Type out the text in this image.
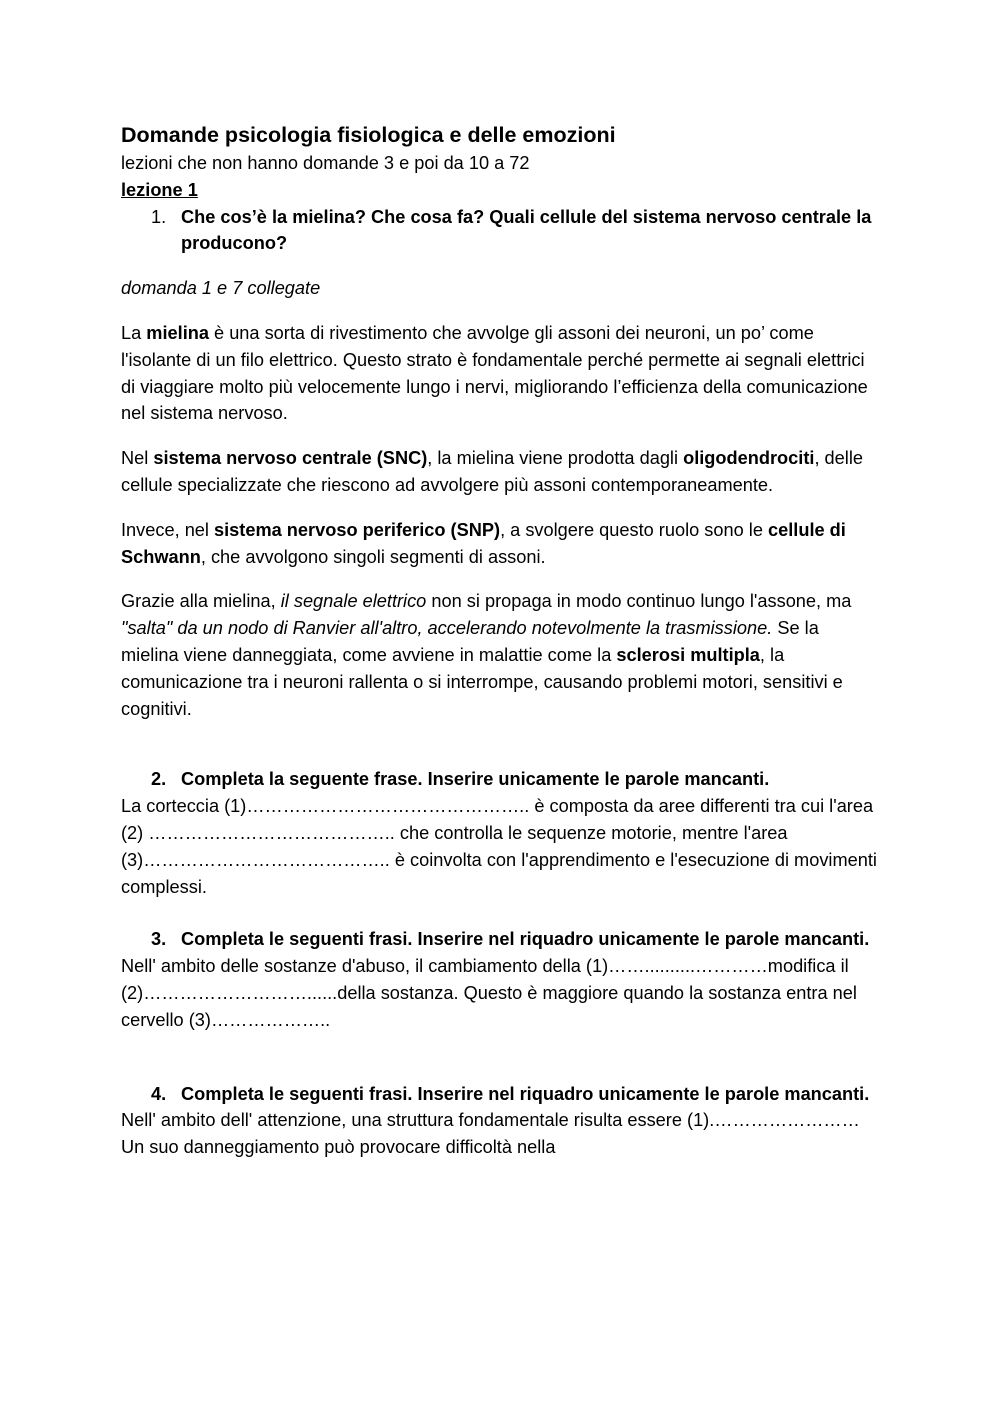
Domande psicologia fisiologica e delle emozioni

lezioni che non hanno domande 3 e poi da 10 a 72

lezione 1

1. Che cos’è la mielina? Che cosa fa? Quali cellule del sistema nervoso centrale la producono?

domanda 1 e 7 collegate

La mielina è una sorta di rivestimento che avvolge gli assoni dei neuroni, un po’ come l'isolante di un filo elettrico. Questo strato è fondamentale perché permette ai segnali elettrici di viaggiare molto più velocemente lungo i nervi, migliorando l’efficienza della comunicazione nel sistema nervoso.

Nel sistema nervoso centrale (SNC), la mielina viene prodotta dagli oligodendrociti, delle cellule specializzate che riescono ad avvolgere più assoni contemporaneamente.

Invece, nel sistema nervoso periferico (SNP), a svolgere questo ruolo sono le cellule di Schwann, che avvolgono singoli segmenti di assoni.

Grazie alla mielina, il segnale elettrico non si propaga in modo continuo lungo l'assone, ma "salta" da un nodo di Ranvier all'altro, accelerando notevolmente la trasmissione. Se la mielina viene danneggiata, come avviene in malattie come la sclerosi multipla, la comunicazione tra i neuroni rallenta o si interrompe, causando problemi motori, sensitivi e cognitivi.

2. Completa la seguente frase. Inserire unicamente le parole mancanti.

La corteccia (1)……………………………………….. è composta da aree differenti tra cui l'area (2) ………………………………….. che controlla le sequenze motorie, mentre l'area (3)………………………………….. è coinvolta con l'apprendimento e l'esecuzione di movimenti complessi.

3. Completa le seguenti frasi. Inserire nel riquadro unicamente le parole mancanti.

Nell' ambito delle sostanze d'abuso, il cambiamento della (1)……..........…………modifica il (2)………………………......della sostanza. Questo è maggiore quando la sostanza entra nel cervello (3)………………..

4. Completa le seguenti frasi. Inserire nel riquadro unicamente le parole mancanti.

Nell' ambito dell' attenzione, una struttura fondamentale risulta essere (1).……………………Un suo danneggiamento può provocare difficoltà nella
